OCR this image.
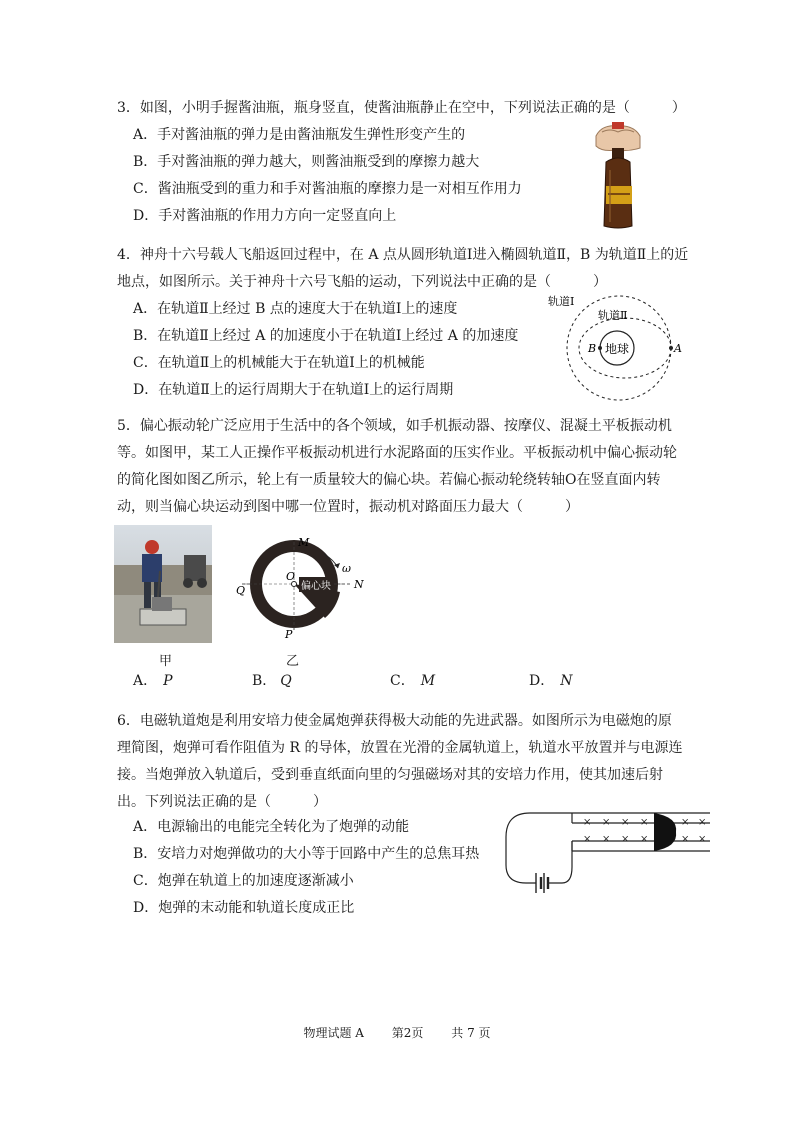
3．如图，小明手握酱油瓶，瓶身竖直，使酱油瓶静止在空中，下列说法正确的是（　　　）
A．手对酱油瓶的弹力是由酱油瓶发生弹性形变产生的
B．手对酱油瓶的弹力越大，则酱油瓶受到的摩擦力越大
C．酱油瓶受到的重力和手对酱油瓶的摩擦力是一对相互作用力
D．手对酱油瓶的作用力方向一定竖直向上
4．神舟十六号载人飞船返回过程中，在 A 点从圆形轨道Ⅰ进入椭圆轨道Ⅱ，B 为轨道Ⅱ上的近
地点，如图所示。关于神舟十六号飞船的运动，下列说法中正确的是（　　　）
A．在轨道Ⅱ上经过 B 点的速度大于在轨道Ⅰ上的速度
B．在轨道Ⅱ上经过 A 的加速度小于在轨道Ⅰ上经过 A 的加速度
C．在轨道Ⅱ上的机械能大于在轨道Ⅰ上的机械能
D．在轨道Ⅱ上的运行周期大于在轨道Ⅰ上的运行周期
地球	A
B
轨道Ⅰ
轨道Ⅱ
5．偏心振动轮广泛应用于生活中的各个领域，如手机振动器、按摩仪、混凝土平板振动机
等。如图甲，某工人正操作平板振动机进行水泥路面的压实作业。平板振动机中偏心振动轮
的简化图如图乙所示，轮上有一质量较大的偏心块。若偏心振动轮绕转轴O在竖直面内转
动，则当偏心块运动到图中哪一位置时，振动机对路面压力最大（　　　）
甲
偏心块
O
M
N
Q
P
ω
乙
A． P	B． Q	C． M	D． N
6．电磁轨道炮是利用安培力使金属炮弹获得极大动能的先进武器。如图所示为电磁炮的原
理简图，炮弹可看作阻值为 R 的导体，放置在光滑的金属轨道上，轨道水平放置并与电源连
接。当炮弹放入轨道后，受到垂直纸面向里的匀强磁场对其的安培力作用，使其加速后射
出。下列说法正确的是（　　　）
A．电源输出的电能完全转化为了炮弹的动能
B．安培力对炮弹做功的大小等于回路中产生的总焦耳热
C．炮弹在轨道上的加速度逐渐减小
D．炮弹的末动能和轨道长度成正比
× × × ×
× × × ×
× ×
× ×
物理试题 A 第2页 共 7 页
